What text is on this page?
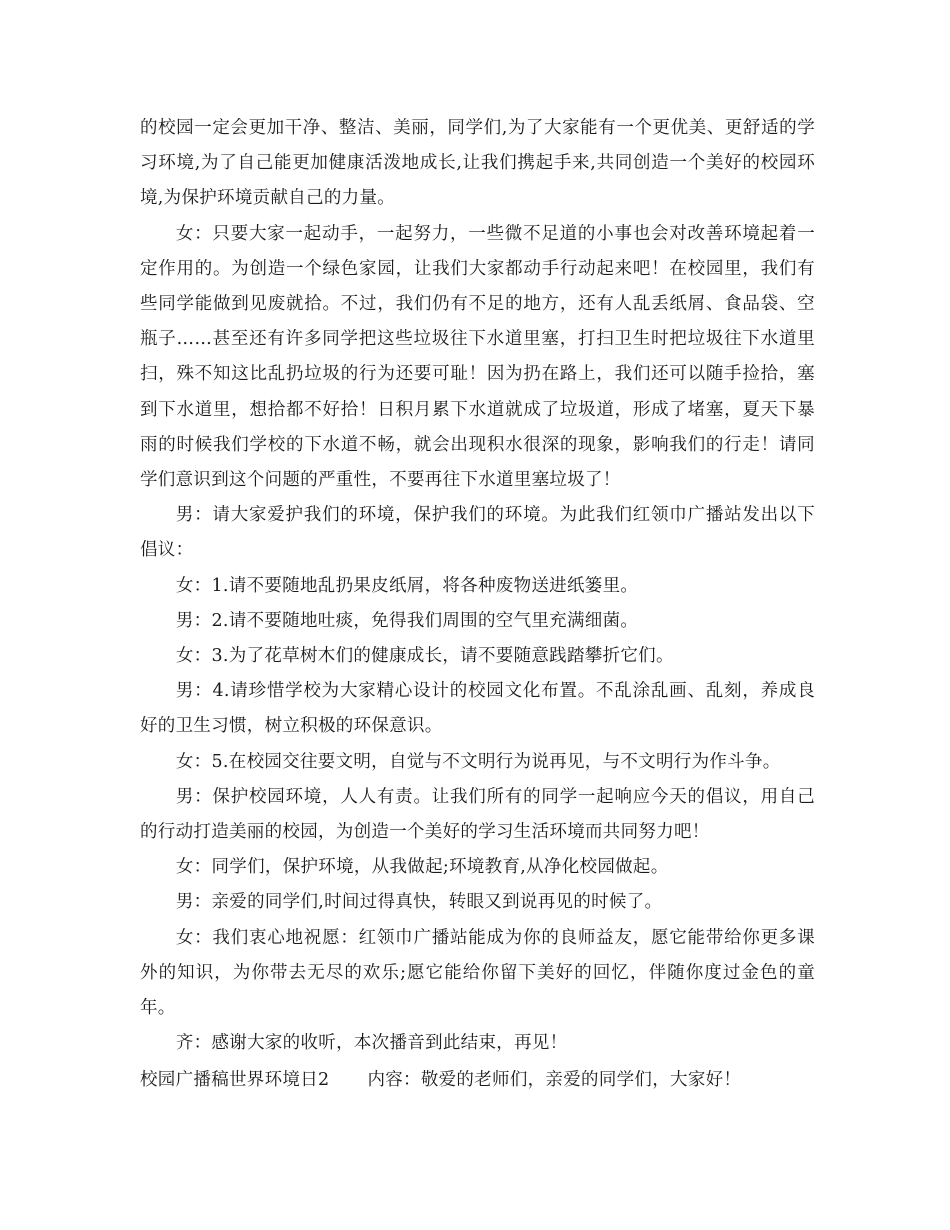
的校园一定会更加干净、整洁、美丽，同学们,为了大家能有一个更优美、更舒适的学习环境,为了自己能更加健康活泼地成长,让我们携起手来,共同创造一个美好的校园环境,为保护环境贡献自己的力量。

女：只要大家一起动手，一起努力，一些微不足道的小事也会对改善环境起着一定作用的。为创造一个绿色家园，让我们大家都动手行动起来吧！在校园里，我们有些同学能做到见废就拾。不过，我们仍有不足的地方，还有人乱丢纸屑、食品袋、空瓶子……甚至还有许多同学把这些垃圾往下水道里塞，打扫卫生时把垃圾往下水道里扫，殊不知这比乱扔垃圾的行为还要可耻！因为扔在路上，我们还可以随手捡拾，塞到下水道里，想拾都不好拾！日积月累下水道就成了垃圾道，形成了堵塞，夏天下暴雨的时候我们学校的下水道不畅，就会出现积水很深的现象，影响我们的行走！请同学们意识到这个问题的严重性，不要再往下水道里塞垃圾了！

男：请大家爱护我们的环境，保护我们的环境。为此我们红领巾广播站发出以下倡议：

女：1.请不要随地乱扔果皮纸屑，将各种废物送进纸篓里。

男：2.请不要随地吐痰，免得我们周围的空气里充满细菌。

女：3.为了花草树木们的健康成长，请不要随意践踏攀折它们。

男：4.请珍惜学校为大家精心设计的校园文化布置。不乱涂乱画、乱刻，养成良好的卫生习惯，树立积极的环保意识。

女：5.在校园交往要文明，自觉与不文明行为说再见，与不文明行为作斗争。

男：保护校园环境，人人有责。让我们所有的同学一起响应今天的倡议，用自己的行动打造美丽的校园，为创造一个美好的学习生活环境而共同努力吧！

女：同学们，保护环境，从我做起;环境教育,从净化校园做起。

男：亲爱的同学们,时间过得真快，转眼又到说再见的时候了。

女：我们衷心地祝愿：红领巾广播站能成为你的良师益友，愿它能带给你更多课外的知识，为你带去无尽的欢乐;愿它能给你留下美好的回忆，伴随你度过金色的童年。

齐：感谢大家的收听，本次播音到此结束，再见！

校园广播稿世界环境日2 内容：敬爱的老师们，亲爱的同学们，大家好！
